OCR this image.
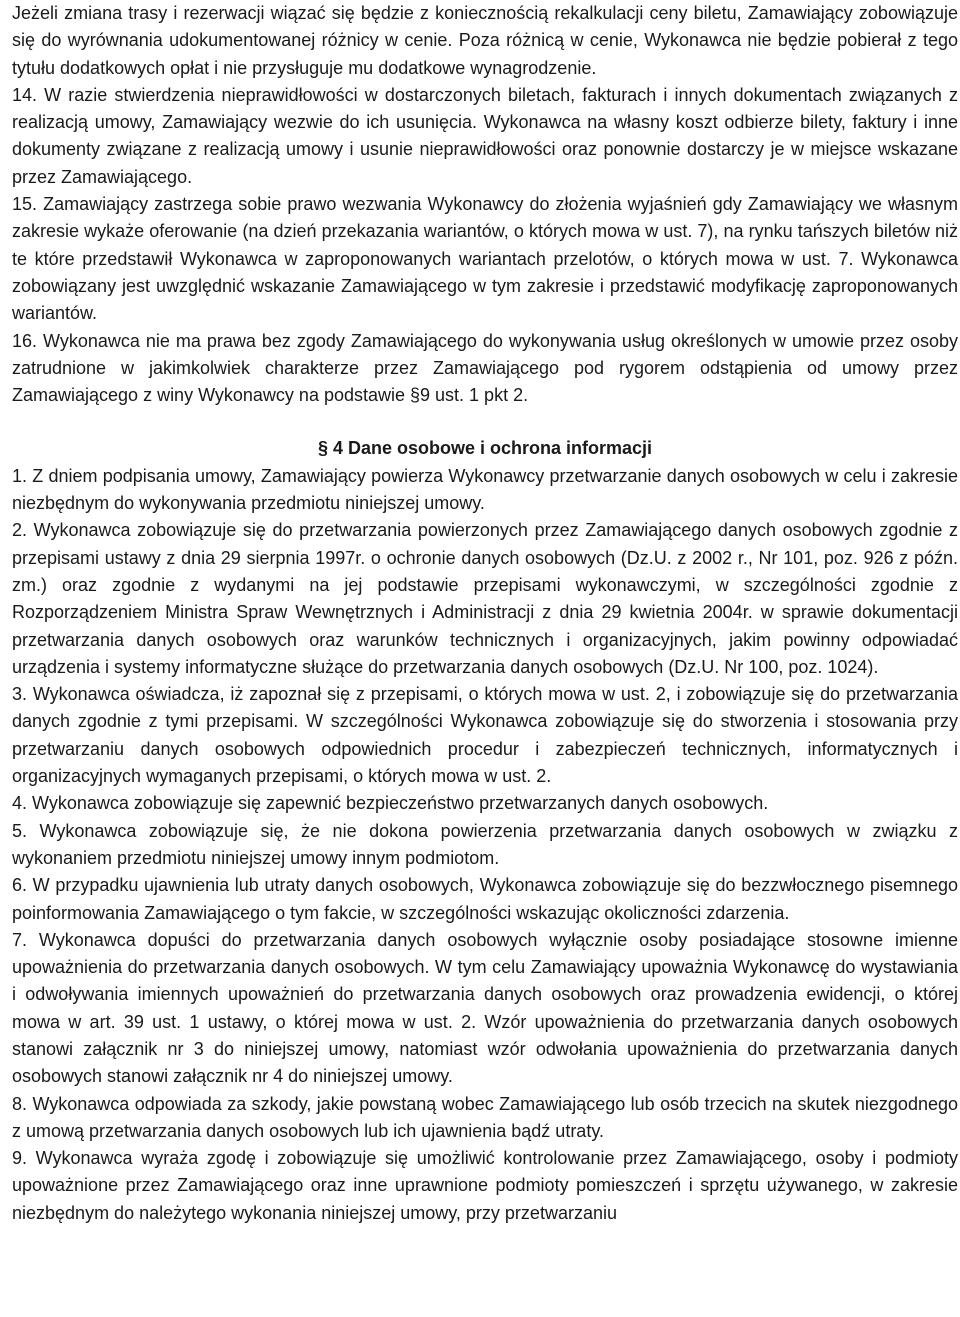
Jeżeli zmiana trasy i rezerwacji wiązać się będzie z koniecznością rekalkulacji ceny biletu, Zamawiający zobowiązuje się do wyrównania udokumentowanej różnicy w cenie. Poza różnicą w cenie, Wykonawca nie będzie pobierał z tego tytułu dodatkowych opłat i nie przysługuje mu dodatkowe wynagrodzenie.

14. W razie stwierdzenia nieprawidłowości w dostarczonych biletach, fakturach i innych dokumentach związanych z realizacją umowy, Zamawiający wezwie do ich usunięcia. Wykonawca na własny koszt odbierze bilety, faktury i inne dokumenty związane z realizacją umowy i usunie nieprawidłowości oraz ponownie dostarczy je w miejsce wskazane przez Zamawiającego.

15. Zamawiający zastrzega sobie prawo wezwania Wykonawcy do złożenia wyjaśnień gdy Zamawiający we własnym zakresie wykaże oferowanie (na dzień przekazania wariantów, o których mowa w ust. 7), na rynku tańszych biletów niż te które przedstawił Wykonawca w zaproponowanych wariantach przelotów, o których mowa w ust. 7. Wykonawca zobowiązany jest uwzględnić wskazanie Zamawiającego w tym zakresie i przedstawić modyfikację zaproponowanych wariantów.

16. Wykonawca nie ma prawa bez zgody Zamawiającego do wykonywania usług określonych w umowie przez osoby zatrudnione w jakimkolwiek charakterze przez Zamawiającego pod rygorem odstąpienia od umowy przez Zamawiającego z winy Wykonawcy na podstawie §9 ust. 1 pkt 2.

§ 4 Dane osobowe i ochrona informacji

1. Z dniem podpisania umowy, Zamawiający powierza Wykonawcy przetwarzanie danych osobowych w celu i zakresie niezbędnym do wykonywania przedmiotu niniejszej umowy.

2. Wykonawca zobowiązuje się do przetwarzania powierzonych przez Zamawiającego danych osobowych zgodnie z przepisami ustawy z dnia 29 sierpnia 1997r. o ochronie danych osobowych (Dz.U. z 2002 r., Nr 101, poz. 926 z późn. zm.) oraz zgodnie z wydanymi na jej podstawie przepisami wykonawczymi, w szczególności zgodnie z Rozporządzeniem Ministra Spraw Wewnętrznych i Administracji z dnia 29 kwietnia 2004r. w sprawie dokumentacji przetwarzania danych osobowych oraz warunków technicznych i organizacyjnych, jakim powinny odpowiadać urządzenia i systemy informatyczne służące do przetwarzania danych osobowych (Dz.U. Nr 100, poz. 1024).

3. Wykonawca oświadcza, iż zapoznał się z przepisami, o których mowa w ust. 2, i zobowiązuje się do przetwarzania danych zgodnie z tymi przepisami. W szczególności Wykonawca zobowiązuje się do stworzenia i stosowania przy przetwarzaniu danych osobowych odpowiednich procedur i zabezpieczeń technicznych, informatycznych i organizacyjnych wymaganych przepisami, o których mowa w ust. 2.

4. Wykonawca zobowiązuje się zapewnić bezpieczeństwo przetwarzanych danych osobowych.

5. Wykonawca zobowiązuje się, że nie dokona powierzenia przetwarzania danych osobowych w związku z wykonaniem przedmiotu niniejszej umowy innym podmiotom.

6. W przypadku ujawnienia lub utraty danych osobowych, Wykonawca zobowiązuje się do bezzwłocznego pisemnego poinformowania Zamawiającego o tym fakcie, w szczególności wskazując okoliczności zdarzenia.

7. Wykonawca dopuści do przetwarzania danych osobowych wyłącznie osoby posiadające stosowne imienne upoważnienia do przetwarzania danych osobowych. W tym celu Zamawiający upoważnia Wykonawcę do wystawiania i odwoływania imiennych upoważnień do przetwarzania danych osobowych oraz prowadzenia ewidencji, o której mowa w art. 39 ust. 1 ustawy, o której mowa w ust. 2. Wzór upoważnienia do przetwarzania danych osobowych stanowi załącznik nr 3 do niniejszej umowy, natomiast wzór odwołania upoważnienia do przetwarzania danych osobowych stanowi załącznik nr 4 do niniejszej umowy.

8. Wykonawca odpowiada za szkody, jakie powstaną wobec Zamawiającego lub osób trzecich na skutek niezgodnego z umową przetwarzania danych osobowych lub ich ujawnienia bądź utraty.

9. Wykonawca wyraża zgodę i zobowiązuje się umożliwić kontrolowanie przez Zamawiającego, osoby i podmioty upoważnione przez Zamawiającego oraz inne uprawnione podmioty pomieszczeń i sprzętu używanego, w zakresie niezbędnym do należytego wykonania niniejszej umowy, przy przetwarzaniu
